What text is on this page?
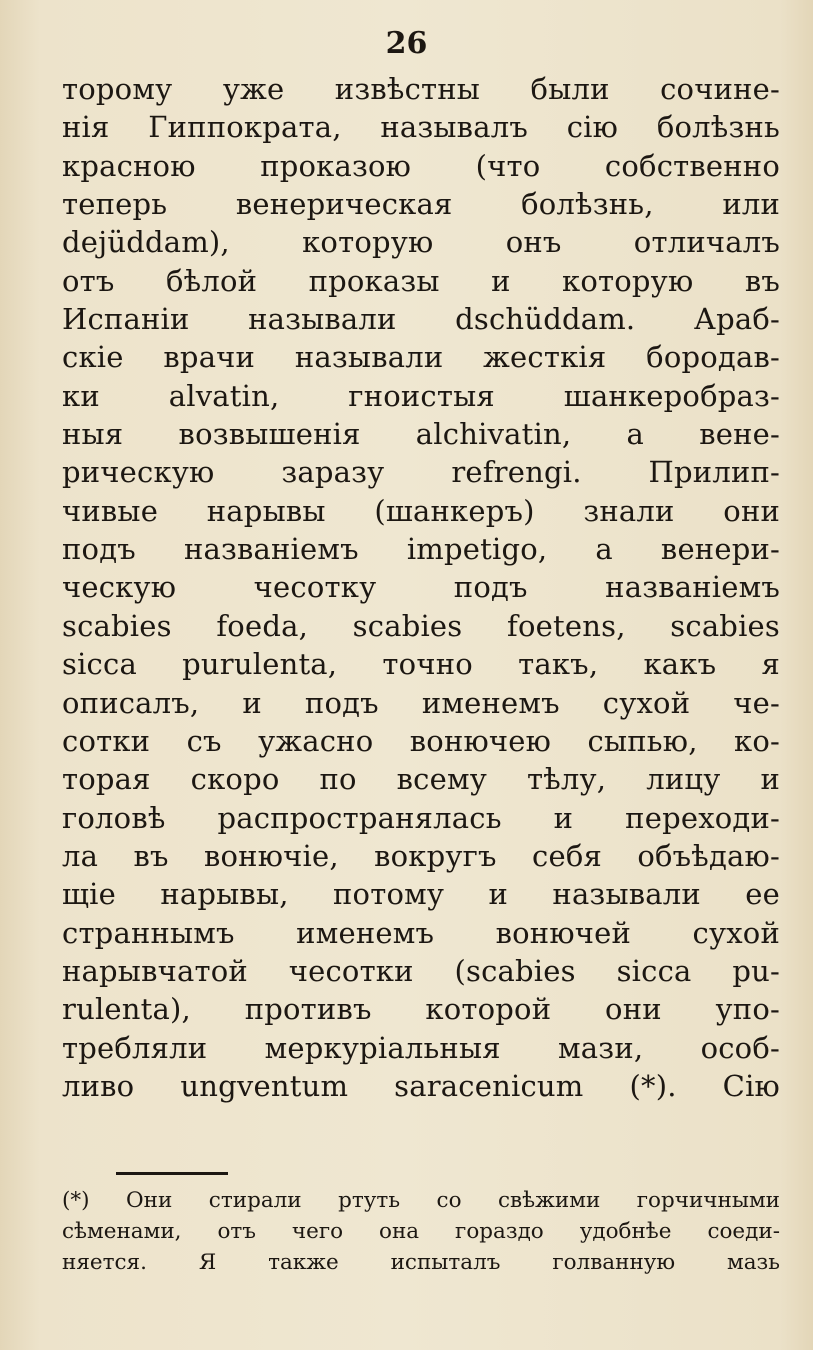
26
торому уже извѣстны были сочине-
нія Гиппократа, называлъ сію болѣзнь
красною проказою (что собственно
теперь венерическая болѣзнь, или
dejüddam), которую онъ отличалъ
отъ бѣлой проказы и которую въ
Испаніи называли dschüddam. Араб-
скіе врачи называли жесткія бородав-
ки alvatin, гноистыя шанкеробраз-
ныя возвышенія alchivatin, а вене-
рическую заразу refrengi. Прилип-
чивые нарывы (шанкеръ) знали они
подъ названіемъ impetigo, а венери-
ческую чесотку подъ названіемъ
scabies foeda, scabies foetens, scabies
sicca purulenta, точно такъ, какъ я
описалъ, и подъ именемъ сухой че-
сотки съ ужасно вонючею сыпью, ко-
торая скоро по всему тѣлу, лицу и
головѣ распространялась и переходи-
ла въ вонючіе, вокругъ себя объѣдаю-
щіе нарывы, потому и называли ее
страннымъ именемъ вонючей сухой
нарывчатой чесотки (scabies sicca pu-
rulenta), противъ которой они упо-
требляли меркуріальныя мази, особ-
ливо ungventum saracenicum (*). Сію
(*) Они стирали ртуть со свѣжими горчичными
сѣменами, отъ чего она гораздо удобнѣе соеди-
няется. Я также испыталъ голванную мазь
